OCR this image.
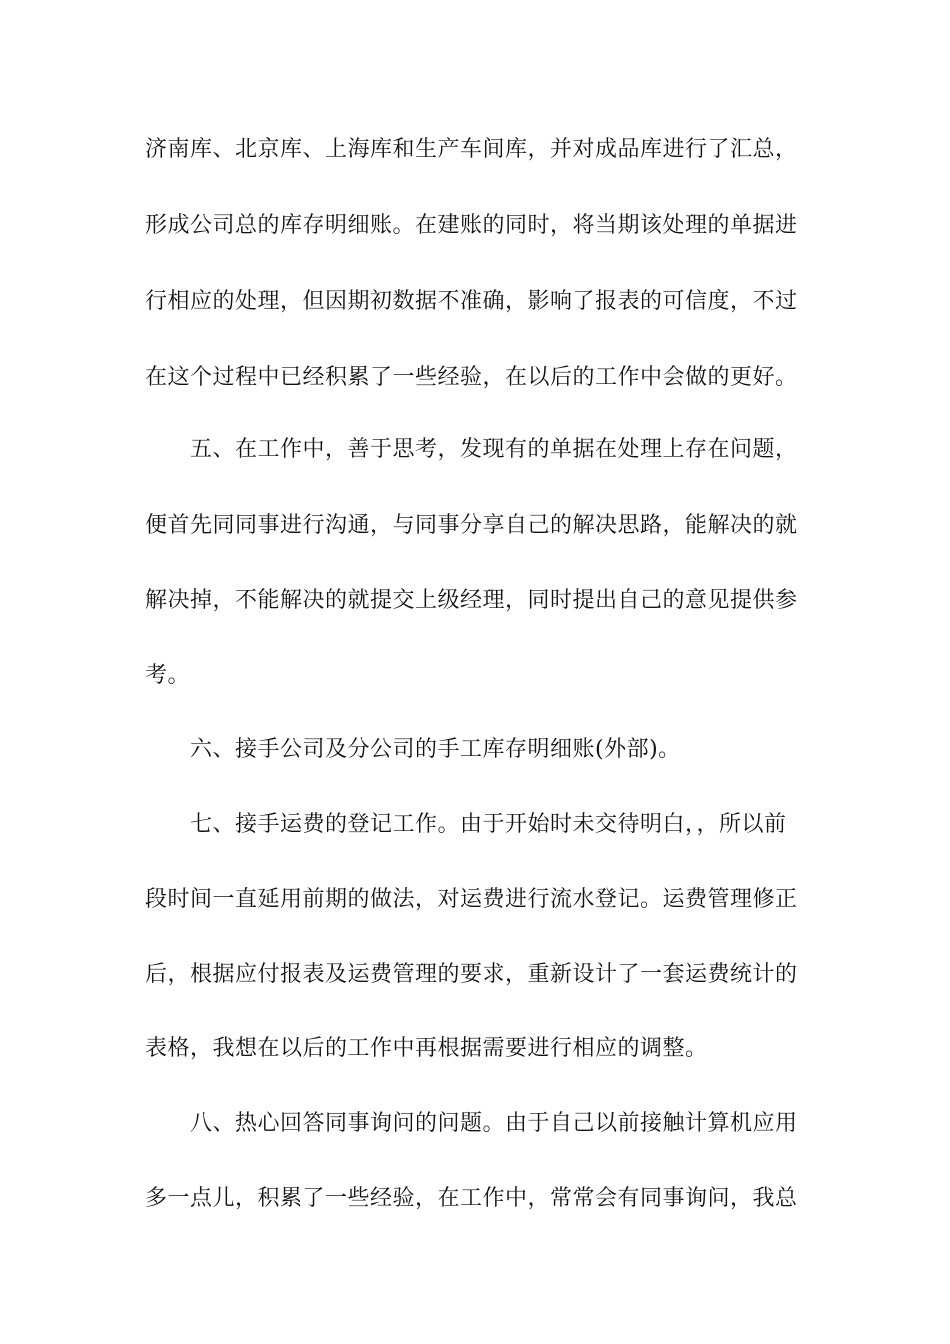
济南库、北京库、上海库和生产车间库，并对成品库进行了汇总，
形成公司总的库存明细账。在建账的同时，将当期该处理的单据进
行相应的处理，但因期初数据不准确，影响了报表的可信度，不过
在这个过程中已经积累了一些经验，在以后的工作中会做的更好。
五、在工作中，善于思考，发现有的单据在处理上存在问题，
便首先同同事进行沟通，与同事分享自己的解决思路，能解决的就
解决掉，不能解决的就提交上级经理，同时提出自己的意见提供参
考。
六、接手公司及分公司的手工库存明细账(外部)。
七、接手运费的登记工作。由于开始时未交待明白，，所以前
段时间一直延用前期的做法，对运费进行流水登记。运费管理修正
后，根据应付报表及运费管理的要求，重新设计了一套运费统计的
表格，我想在以后的工作中再根据需要进行相应的调整。
八、热心回答同事询问的问题。由于自己以前接触计算机应用
多一点儿，积累了一些经验，在工作中，常常会有同事询问，我总
